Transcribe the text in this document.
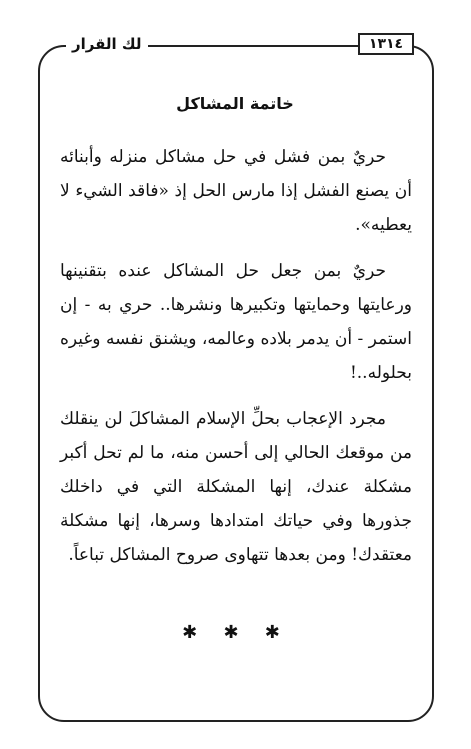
لك القرار	١٣١٤
خاتمة المشاكل

حريٌ بمن فشل في حل مشاكل منزله وأبنائه أن يصنع الفشل إذا مارس الحل إذ «فاقد الشيء لا يعطيه».

حريٌ بمن جعل حل المشاكل عنده بتقنينها ورعايتها وحمايتها وتكبيرها ونشرها.. حري به - إن استمر - أن يدمر بلاده وعالمه، ويشنق نفسه وغيره بحلوله..!

مجرد الإعجاب بحلِّ الإسلام المشاكلَ لن ينقلك من موقعك الحالي إلى أحسن منه، ما لم تحل أكبر مشكلة عندك، إنها المشكلة التي في داخلك جذورها وفي حياتك امتدادها وسرها، إنها مشكلة معتقدك! ومن بعدها تتهاوى صروح المشاكل تباعاً.

✱ ✱ ✱
